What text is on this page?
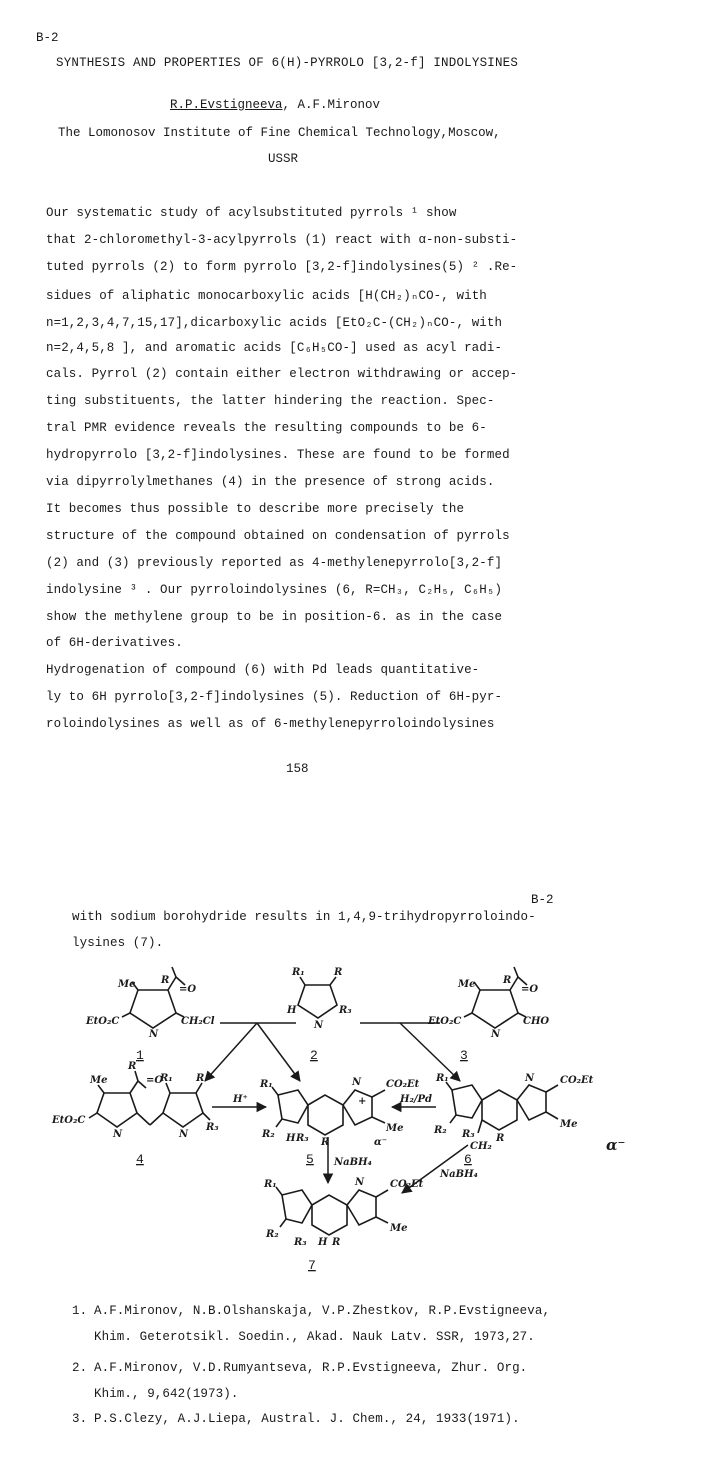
B-2
SYNTHESIS AND PROPERTIES OF 6(H)-PYRROLO [3,2-f] INDOLYSINES
R.P.Evstigneeva, A.F.Mironov
The Lomonosov Institute of Fine Chemical Technology,Moscow,
USSR
Our systematic study of acylsubstituted pyrrols ¹ show
that 2-chloromethyl-3-acylpyrrols (1) react with α-non-substi-
tuted pyrrols (2) to form pyrrolo [3,2-f]indolysines(5) ² .Re-
sidues of aliphatic monocarboxylic acids [H(CH₂)ₙCO-, with
n=1,2,3,4,7,15,17],dicarboxylic acids [EtO₂C-(CH₂)ₙCO-, with
n=2,4,5,8 ], and aromatic acids [C₆H₅CO-] used as acyl radi-
cals. Pyrrol (2) contain either electron withdrawing or accep-
ting substituents, the latter hindering the reaction. Spec-
tral PMR evidence reveals the resulting compounds to be 6-
hydropyrrolo [3,2-f]indolysines. These are found to be formed
via dipyrrolylmethanes (4) in the presence of strong acids.
It becomes thus possible to describe more precisely the
structure of the compound obtained on condensation of pyrrols
(2) and (3) previously reported as 4-methylenepyrrolo[3,2-f]
indolysine ³ . Our pyrroloindolysines (6, R=CH₃, C₂H₅, C₆H₅)
show the methylene group to be in position-6. as in the case
of 6H-derivatives.
Hydrogenation of compound (6) with Pd leads quantitative-
ly to 6H pyrrolo[3,2-f]indolysines (5). Reduction of 6H-pyr-
roloindolysines as well as of 6-methylenepyrroloindolysines
158
B-2
with sodium borohydride results in 1,4,9-trihydropyrroloindo-
lysines (7).
R
=O
Me
EtO₂C	CH₂Cl
N
R₁	R
H	R₃
N
R
=O
Me
EtO₂C	CHO
N
Me
R
=O
EtO₂C
N
R₁ R
R₃
N
R₁
R₂ H R₃ R
N
+
CO₂Et
Me
α⁻
R₁
R₂ R₃
CH₂
R
N	CO₂Et
Me
α⁻
R₁
R₂
R₃ H R
N	CO₂Et
Me
H⁺	H₂/Pd
NaBH₄
NaBH₄
1	2	3
4	5	6
7
1. A.F.Mironov, N.B.Olshanskaja, V.P.Zhestkov, R.P.Evstigneeva,
Khim. Geterotsikl. Soedin., Akad. Nauk Latv. SSR, 1973,27.
2. A.F.Mironov, V.D.Rumyantseva, R.P.Evstigneeva, Zhur. Org.
Khim., 9,642(1973).
3. P.S.Clezy, A.J.Liepa, Austral. J. Chem., 24, 1933(1971).
